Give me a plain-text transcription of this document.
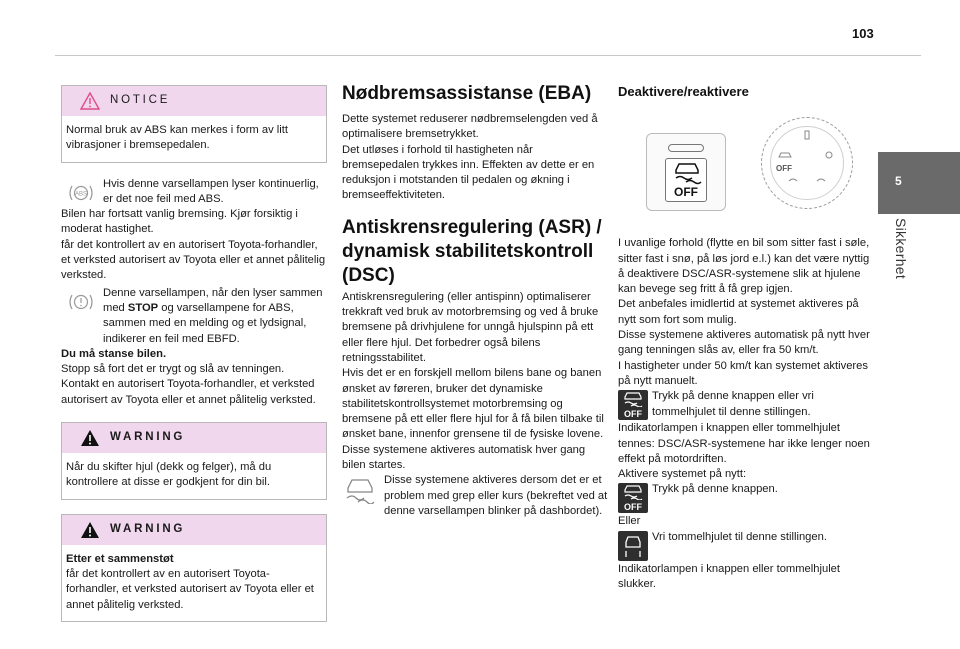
103
5
Sikkerhet
NOTICE

Normal bruk av ABS kan merkes i form av litt vibrasjoner i bremsepedalen.

ABS

Hvis denne varsellampen lyser kontinuerlig, er det noe feil med ABS.

Bilen har fortsatt vanlig bremsing. Kjør forsiktig i moderat hastighet.

får det kontrollert av en autorisert Toyota-forhandler, et verksted autorisert av Toyota eller et annet pålitelig verksted.

Denne varsellampen, når den lyser sammen med STOP og varsellampene for ABS, sammen med en melding og et lydsignal, indikerer en feil med EBFD.

Du må stanse bilen.

Stopp så fort det er trygt og slå av tenningen.

Kontakt en autorisert Toyota-forhandler, et verksted autorisert av Toyota eller et annet pålitelig verksted.

WARNING

Når du skifter hjul (dekk og felger), må du kontrollere at disse er godkjent for din bil.

WARNING

Etter et sammenstøt

får det kontrollert av en autorisert Toyota-forhandler, et verksted autorisert av Toyota eller et annet pålitelig verksted.

Nødbremsassistanse (EBA)

Dette systemet reduserer nødbremselengden ved å optimalisere bremsetrykket.

Det utløses i forhold til hastigheten når bremsepedalen trykkes inn. Effekten av dette er en reduksjon i motstanden til pedalen og økning i bremseeffektiviteten.

Antiskrensregulering (ASR) /
dynamisk stabilitetskontroll
(DSC)

Antiskrensregulering (eller antispinn) optimaliserer trekkraft ved bruk av motorbremsing og ved å bruke bremsene på drivhjulene for unngå hjulspinn på ett eller flere hjul. Det forbedrer også bilens retningsstabilitet.

Hvis det er en forskjell mellom bilens bane og banen ønsket av føreren, bruker det dynamiske stabilitetskontrollsystemet motorbremsing og bremsene på ett eller flere hjul for å få bilen tilbake til ønsket bane, innenfor grensene til de fysiske lovene.

Disse systemene aktiveres automatisk hver gang bilen startes.

Disse systemene aktiveres dersom det er et problem med grep eller kurs (bekreftet ved at denne varsellampen blinker på dashbordet).

Deaktivere/reaktivere
OFF
OFF

I uvanlige forhold (flytte en bil som sitter fast i søle, sitter fast i snø, på løs jord e.l.) kan det være nyttig å deaktivere DSC/ASR-systemene slik at hjulene kan bevege seg fritt å få grep igjen.

Det anbefales imidlertid at systemet aktiveres på nytt som fort som mulig.

Disse systemene aktiveres automatisk på nytt hver gang tenningen slås av, eller fra 50 km/t.

I hastigheter under 50 km/t kan systemet aktiveres på nytt manuelt.

OFF

Trykk på denne knappen eller vri tommelhjulet til denne stillingen.

Indikatorlampen i knappen eller tommelhjulet tennes: DSC/ASR-systemene har ikke lenger noen effekt på motordriften.

Aktivere systemet på nytt:

OFF

Trykk på denne knappen.

Eller

Vri tommelhjulet til denne stillingen.

Indikatorlampen i knappen eller tommelhjulet slukker.
